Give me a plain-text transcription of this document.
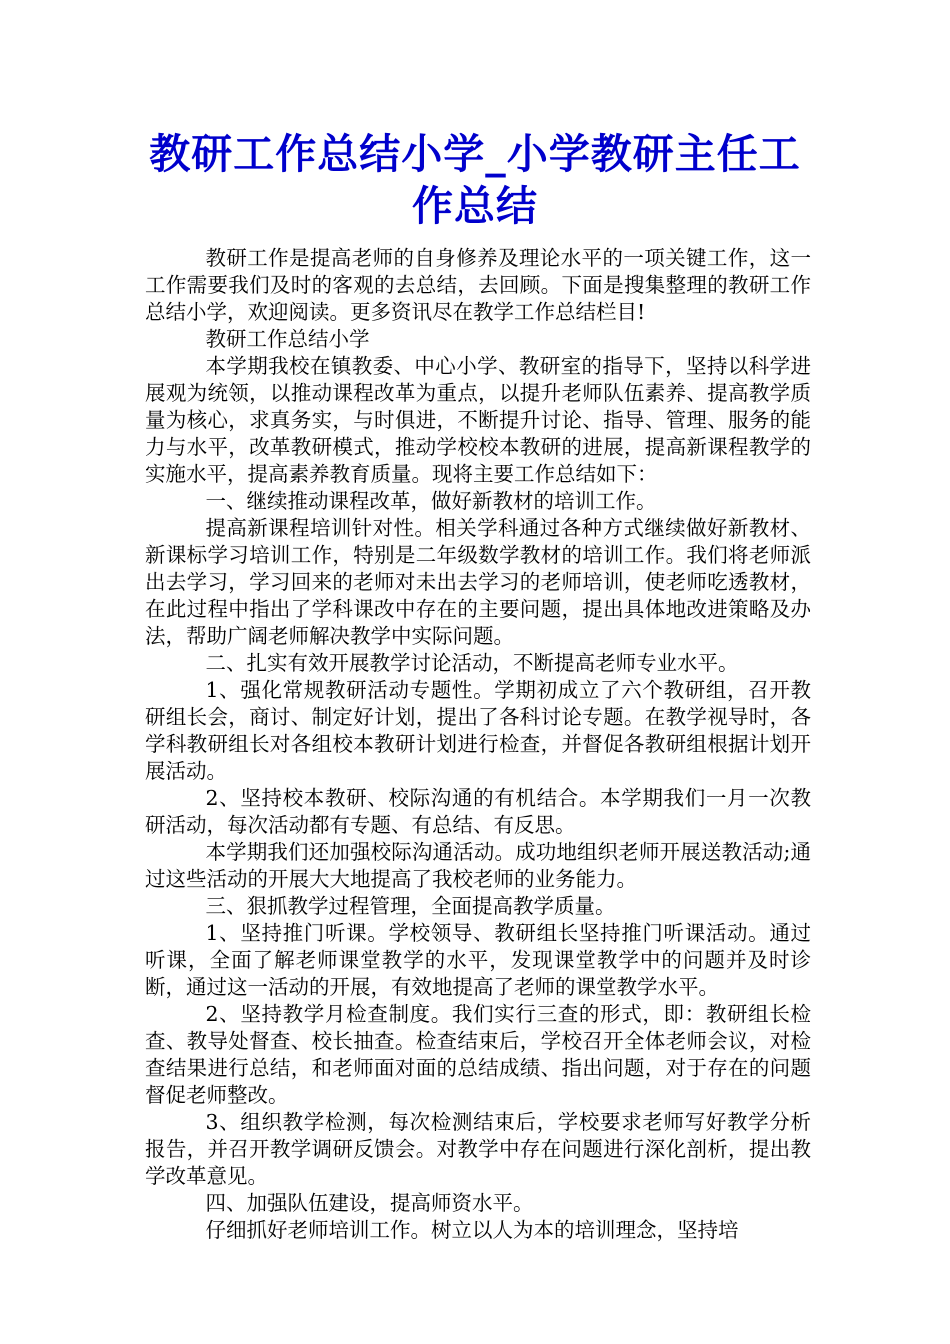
教研工作总结小学_小学教研主任工作总结

教研工作是提高老师的自身修养及理论水平的一项关键工作，这一工作需要我们及时的客观的去总结，去回顾。下面是搜集整理的教研工作总结小学，欢迎阅读。更多资讯尽在教学工作总结栏目!

教研工作总结小学

本学期我校在镇教委、中心小学、教研室的指导下，坚持以科学进展观为统领，以推动课程改革为重点，以提升老师队伍素养、提高教学质量为核心，求真务实，与时俱进，不断提升讨论、指导、管理、服务的能力与水平，改革教研模式，推动学校校本教研的进展，提高新课程教学的实施水平，提高素养教育质量。现将主要工作总结如下：

一、继续推动课程改革，做好新教材的培训工作。

提高新课程培训针对性。相关学科通过各种方式继续做好新教材、新课标学习培训工作，特别是二年级数学教材的培训工作。我们将老师派出去学习，学习回来的老师对未出去学习的老师培训，使老师吃透教材，在此过程中指出了学科课改中存在的主要问题，提出具体地改进策略及办法，帮助广阔老师解决教学中实际问题。

二、扎实有效开展教学讨论活动，不断提高老师专业水平。

1、强化常规教研活动专题性。学期初成立了六个教研组，召开教研组长会，商讨、制定好计划，提出了各科讨论专题。在教学视导时，各学科教研组长对各组校本教研计划进行检查，并督促各教研组根据计划开展活动。

2、坚持校本教研、校际沟通的有机结合。本学期我们一月一次教研活动，每次活动都有专题、有总结、有反思。

本学期我们还加强校际沟通活动。成功地组织老师开展送教活动;通过这些活动的开展大大地提高了我校老师的业务能力。

三、狠抓教学过程管理，全面提高教学质量。

1、坚持推门听课。学校领导、教研组长坚持推门听课活动。通过听课，全面了解老师课堂教学的水平，发现课堂教学中的问题并及时诊断，通过这一活动的开展，有效地提高了老师的课堂教学水平。

2、坚持教学月检查制度。我们实行三查的形式，即：教研组长检查、教导处督查、校长抽查。检查结束后，学校召开全体老师会议，对检查结果进行总结，和老师面对面的总结成绩、指出问题，对于存在的问题督促老师整改。

3、组织教学检测，每次检测结束后，学校要求老师写好教学分析报告，并召开教学调研反馈会。对教学中存在问题进行深化剖析，提出教学改革意见。

四、加强队伍建设，提高师资水平。

仔细抓好老师培训工作。树立以人为本的培训理念，坚持培
